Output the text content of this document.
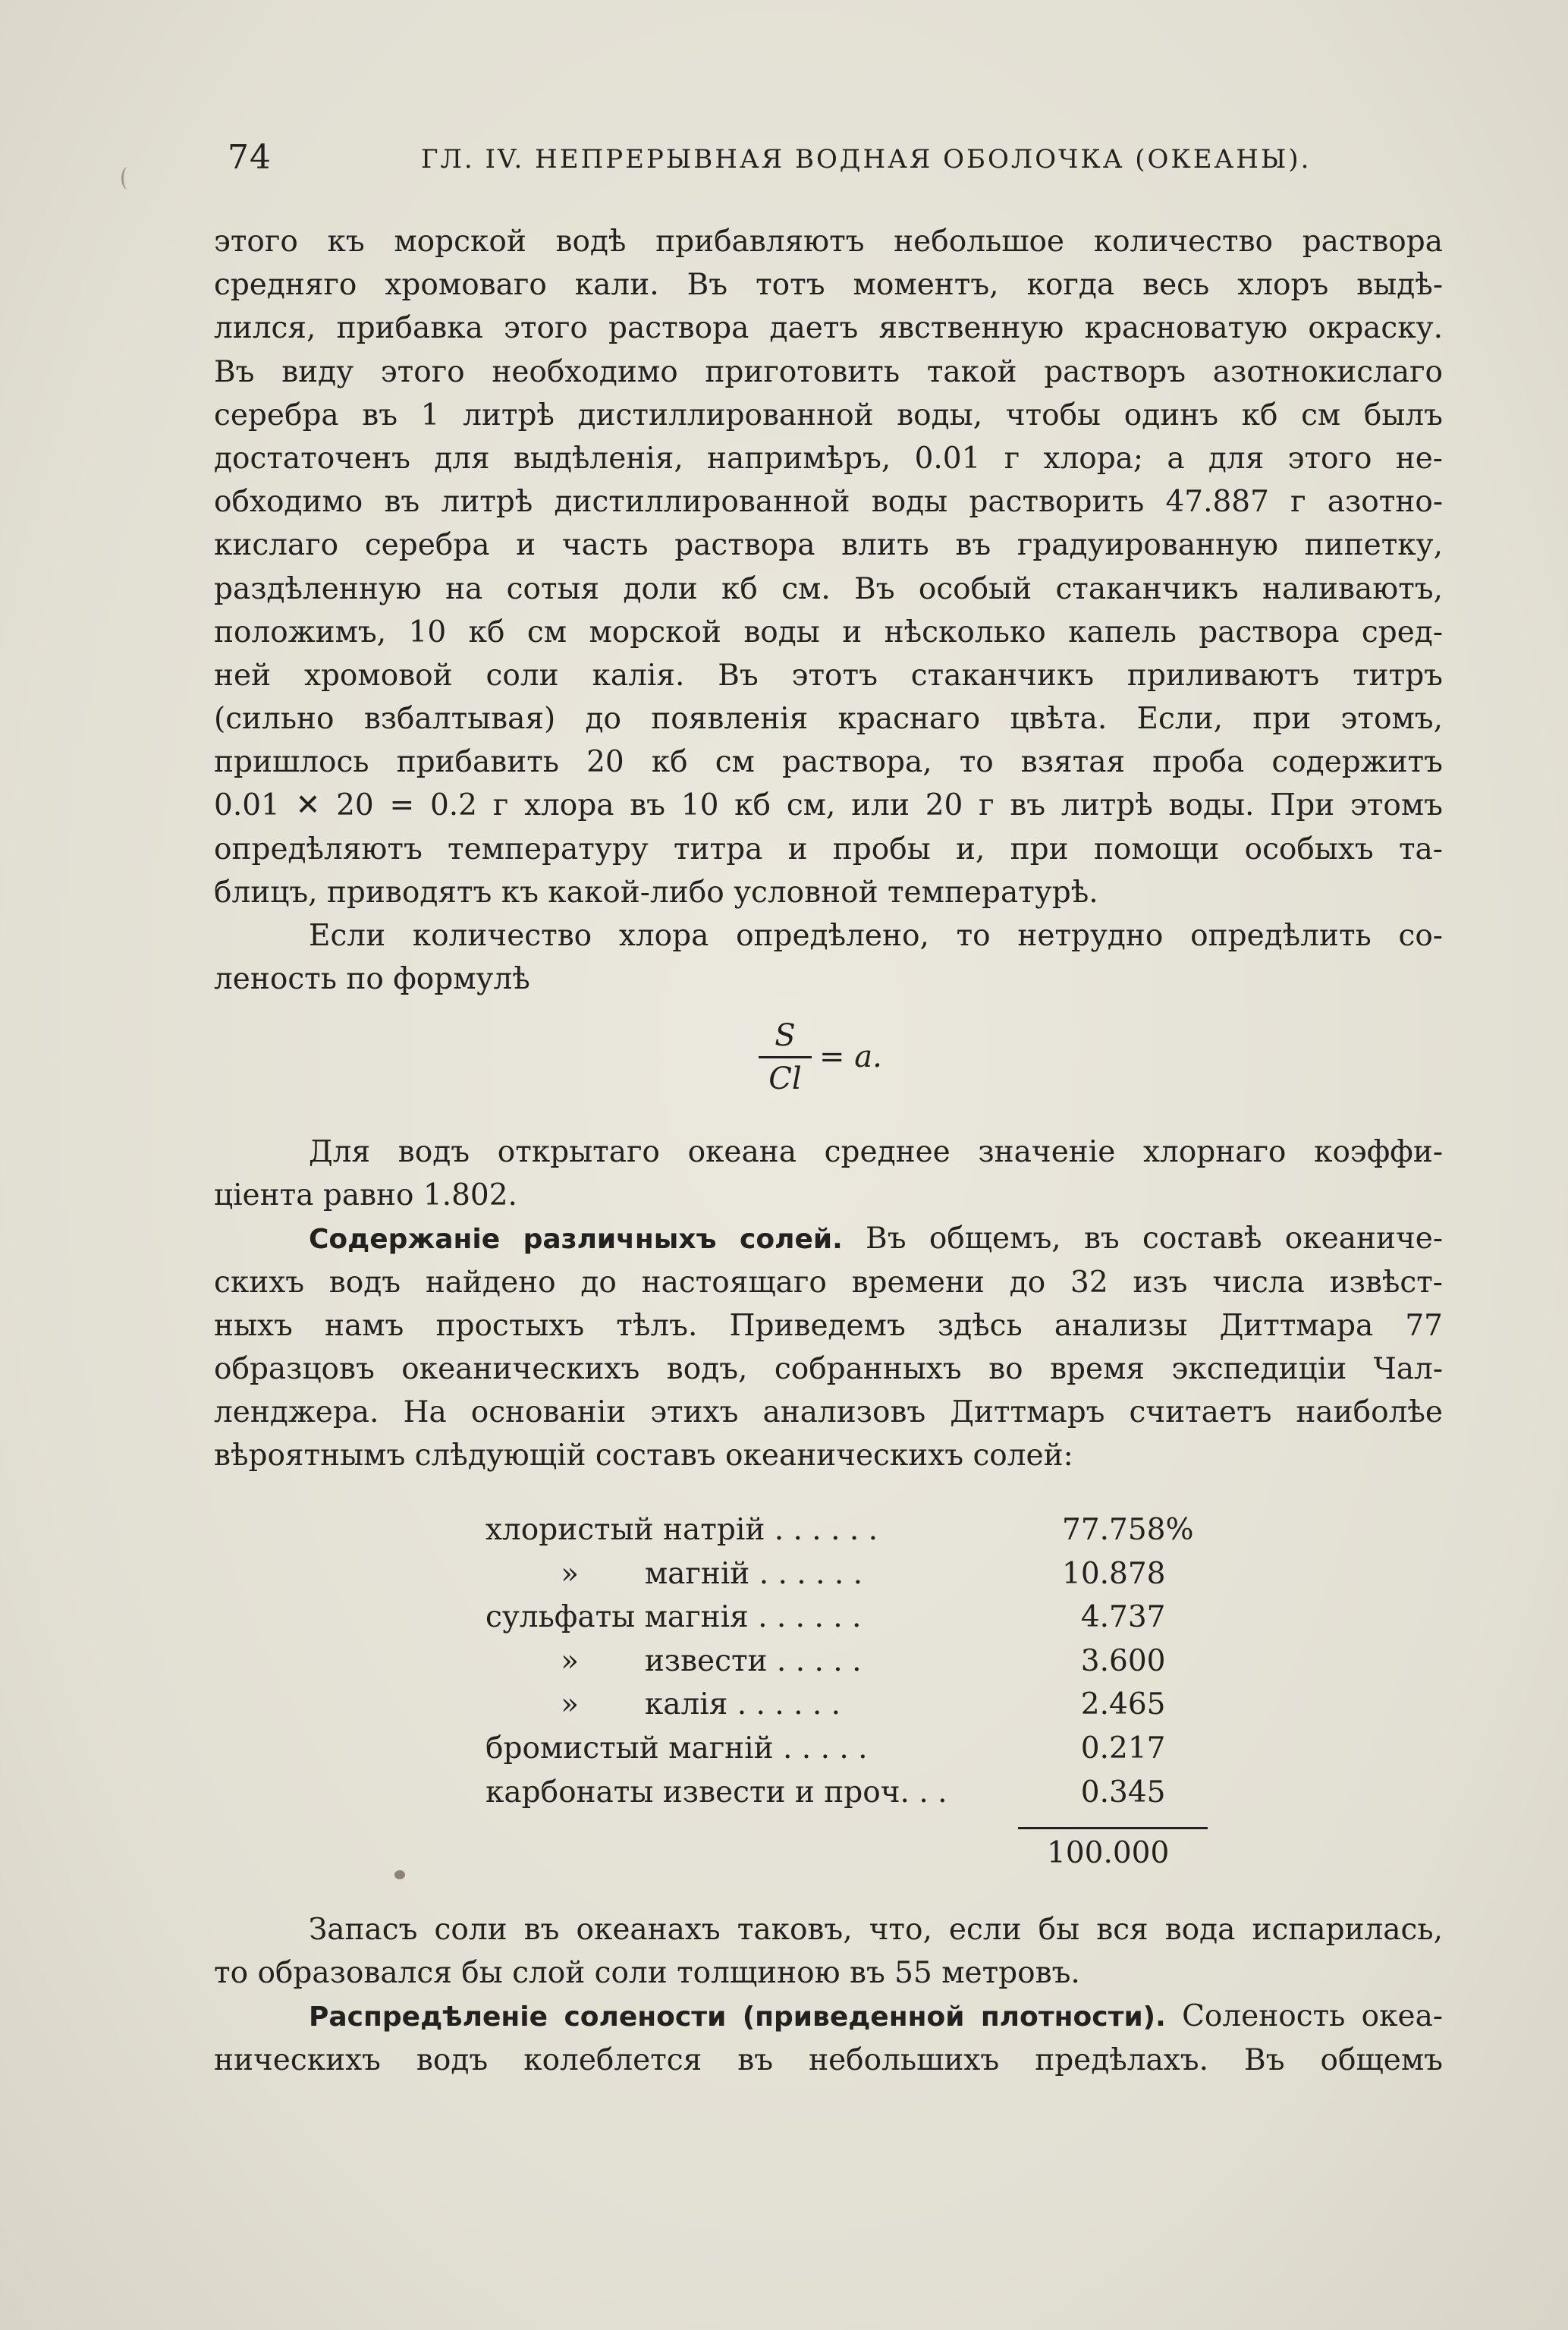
74	ГЛ. IV. НЕПРЕРЫВНАЯ ВОДНАЯ ОБОЛОЧКА (ОКЕАНЫ).
этого къ морской водѣ прибавляютъ небольшое количество раствора
средняго хромоваго кали. Въ тотъ моментъ, когда весь хлоръ выдѣ-
лился, прибавка этого раствора даетъ явственную красноватую окраску.
Въ виду этого необходимо приготовить такой растворъ азотнокислаго
серебра въ 1 литрѣ дистиллированной воды, чтобы одинъ кб см былъ
достаточенъ для выдѣленія, напримѣръ, 0.01 г хлора; а для этого не-
обходимо въ литрѣ дистиллированной воды растворить 47.887 г азотно-
кислаго серебра и часть раствора влить въ градуированную пипетку,
раздѣленную на сотыя доли кб см. Въ особый стаканчикъ наливаютъ,
положимъ, 10 кб см морской воды и нѣсколько капель раствора сред-
ней хромовой соли калія. Въ этотъ стаканчикъ приливаютъ титръ
(сильно взбалтывая) до появленія краснаго цвѣта. Если, при этомъ,
пришлось прибавить 20 кб см раствора, то взятая проба содержитъ
0.01 ✕ 20 = 0.2 г хлора въ 10 кб см, или 20 г въ литрѣ воды. При этомъ
опредѣляютъ температуру титра и пробы и, при помощи особыхъ та-
блицъ, приводятъ къ какой-либо условной температурѣ.
Если количество хлора опредѣлено, то нетрудно опредѣлить со-
леность по формулѣ
S
Cl
= a.
Для водъ открытаго океана среднее значеніе хлорнаго коэффи-
ціента равно 1.802.
Содержаніе различныхъ солей. Въ общемъ, въ составѣ океаниче-
скихъ водъ найдено до настоящаго времени до 32 изъ числа извѣст-
ныхъ намъ простыхъ тѣлъ. Приведемъ здѣсь анализы Диттмара 77
образцовъ океаническихъ водъ, собранныхъ во время экспедиціи Чал-
ленджера. На основаніи этихъ анализовъ Диттмаръ считаетъ наиболѣе
вѣроятнымъ слѣдующій составъ океаническихъ солей:
хлористый натрій . . . . . .	77.758%
»       магній . . . . . .	10.878
сульфаты магнія . . . . . .	4.737
»       извести . . . . .	3.600
»       калія . . . . . .	2.465
бромистый магній . . . . .	0.217
карбонаты извести и проч. . .	0.345
100.000
Запасъ соли въ океанахъ таковъ, что, если бы вся вода испарилась,
то образовался бы слой соли толщиною въ 55 метровъ.
Распредѣленіе солености (приведенной плотности). Соленость океа-
ническихъ водъ колеблется въ небольшихъ предѣлахъ. Въ общемъ
